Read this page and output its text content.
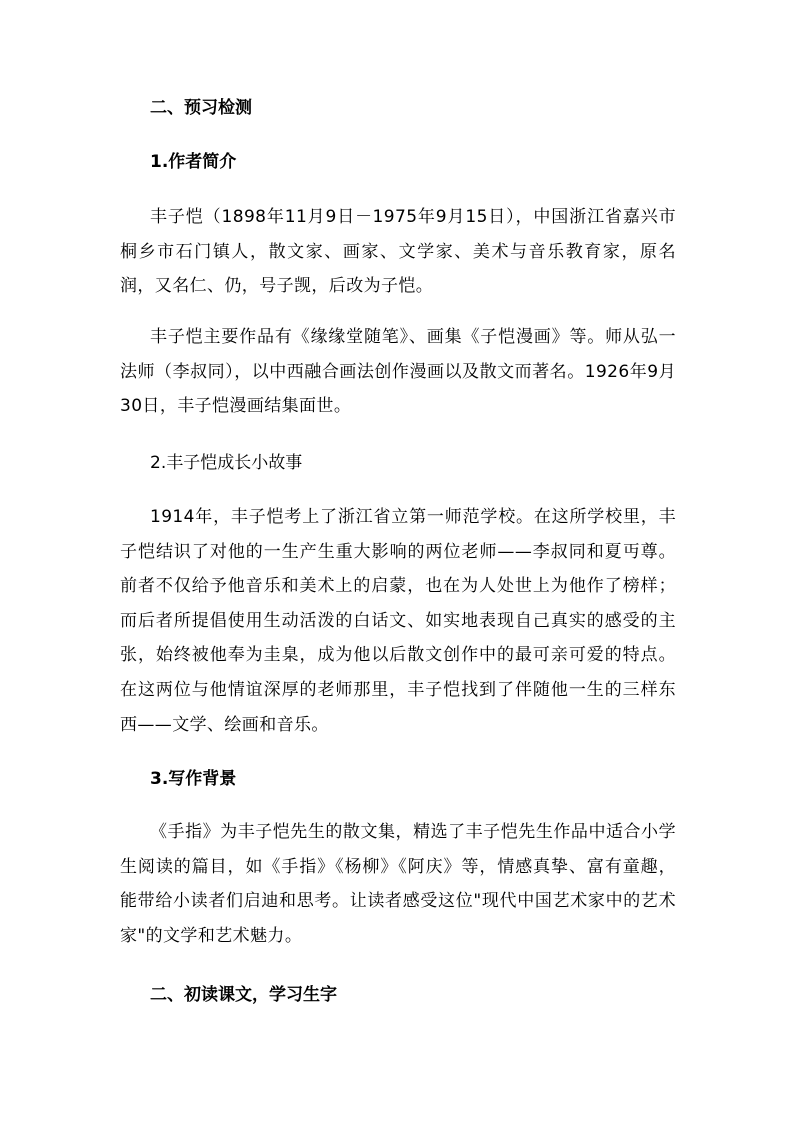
二、预习检测
1.作者简介

丰子恺（1898年11月9日－1975年9月15日），中国浙江省嘉兴市桐乡市石门镇人，散文家、画家、文学家、美术与音乐教育家，原名润，又名仁、仍，号子觊，后改为子恺。

丰子恺主要作品有《缘缘堂随笔》、画集《子恺漫画》等。师从弘一法师（李叔同），以中西融合画法创作漫画以及散文而著名。1926年9月30日，丰子恺漫画结集面世。

2.丰子恺成长小故事

1914年，丰子恺考上了浙江省立第一师范学校。在这所学校里，丰子恺结识了对他的一生产生重大影响的两位老师——李叔同和夏丏尊。前者不仅给予他音乐和美术上的启蒙，也在为人处世上为他作了榜样；而后者所提倡使用生动活泼的白话文、如实地表现自己真实的感受的主张，始终被他奉为圭臬，成为他以后散文创作中的最可亲可爱的特点。在这两位与他情谊深厚的老师那里，丰子恺找到了伴随他一生的三样东西——文学、绘画和音乐。

3.写作背景

《手指》为丰子恺先生的散文集，精选了丰子恺先生作品中适合小学生阅读的篇目，如《手指》《杨柳》《阿庆》等，情感真挚、富有童趣，能带给小读者们启迪和思考。让读者感受这位"现代中国艺术家中的艺术家"的文学和艺术魅力。

二、初读课文，学习生字
